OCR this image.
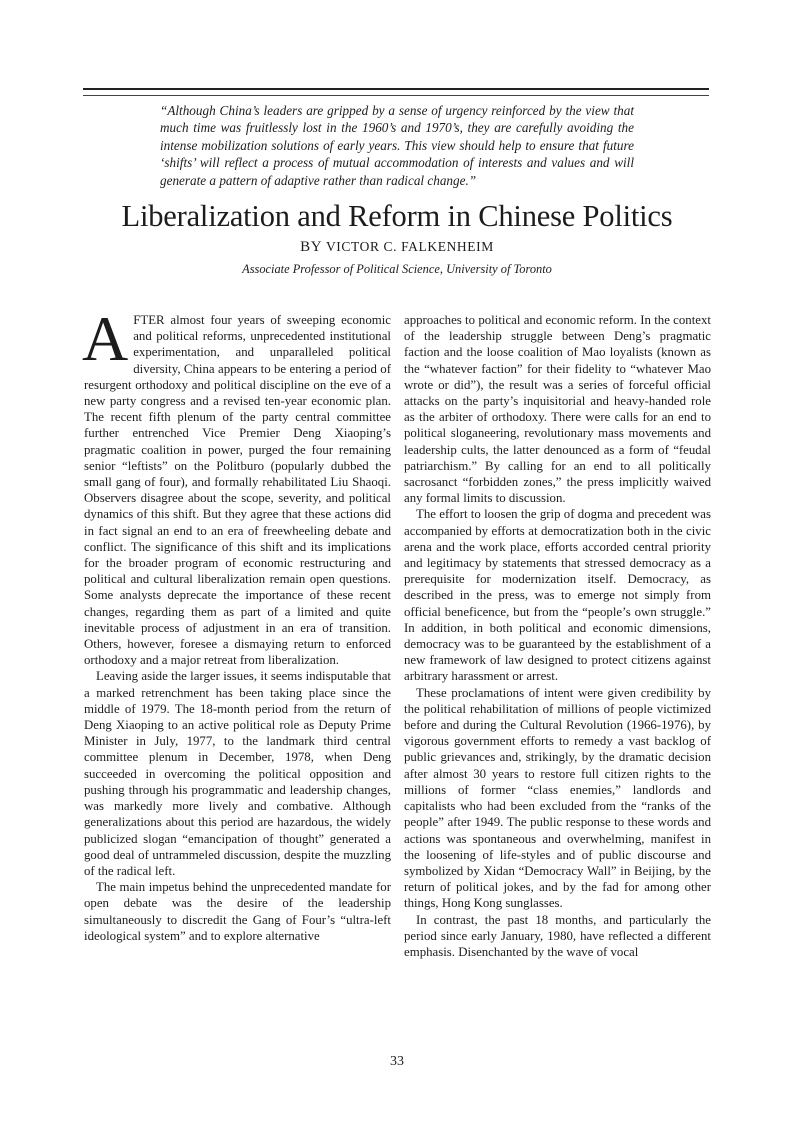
“Although China’s leaders are gripped by a sense of urgency reinforced by the view that much time was fruitlessly lost in the 1960’s and 1970’s, they are carefully avoiding the intense mobilization solutions of early years. This view should help to ensure that future ‘shifts’ will reflect a process of mutual accommodation of interests and values and will generate a pattern of adaptive rather than radical change.”

Liberalization and Reform in Chinese Politics

BY VICTOR C. FALKENHEIM

Associate Professor of Political Science, University of Toronto

AFTER almost four years of sweeping economic and political reforms, unprecedented institutional experimentation, and unparalleled political diversity, China appears to be entering a period of resurgent orthodoxy and political discipline on the eve of a new party congress and a revised ten-year economic plan. The recent fifth plenum of the party central committee further entrenched Vice Premier Deng Xiaoping’s pragmatic coalition in power, purged the four remaining senior “leftists” on the Politburo (popularly dubbed the small gang of four), and formally rehabilitated Liu Shaoqi. Observers disagree about the scope, severity, and political dynamics of this shift. But they agree that these actions did in fact signal an end to an era of freewheeling debate and conflict. The significance of this shift and its implications for the broader program of economic restructuring and political and cultural liberalization remain open questions. Some analysts deprecate the importance of these recent changes, regarding them as part of a limited and quite inevitable process of adjustment in an era of transition. Others, however, foresee a dismaying return to enforced orthodoxy and a major retreat from liberalization.

Leaving aside the larger issues, it seems indisputable that a marked retrenchment has been taking place since the middle of 1979. The 18-month period from the return of Deng Xiaoping to an active political role as Deputy Prime Minister in July, 1977, to the landmark third central committee plenum in December, 1978, when Deng succeeded in overcoming the political opposition and pushing through his programmatic and leadership changes, was markedly more lively and combative. Although generalizations about this period are hazardous, the widely publicized slogan “emancipation of thought” generated a good deal of untrammeled discussion, despite the muzzling of the radical left.

The main impetus behind the unprecedented mandate for open debate was the desire of the leadership simultaneously to discredit the Gang of Four’s “ultra-left ideological system” and to explore alternative

approaches to political and economic reform. In the context of the leadership struggle between Deng’s pragmatic faction and the loose coalition of Mao loyalists (known as the “whatever faction” for their fidelity to “whatever Mao wrote or did”), the result was a series of forceful official attacks on the party’s inquisitorial and heavy-handed role as the arbiter of orthodoxy. There were calls for an end to political sloganeering, revolutionary mass movements and leadership cults, the latter denounced as a form of “feudal patriarchism.” By calling for an end to all politically sacrosanct “forbidden zones,” the press implicitly waived any formal limits to discussion.

The effort to loosen the grip of dogma and precedent was accompanied by efforts at democratization both in the civic arena and the work place, efforts accorded central priority and legitimacy by statements that stressed democracy as a prerequisite for modernization itself. Democracy, as described in the press, was to emerge not simply from official beneficence, but from the “people’s own struggle.” In addition, in both political and economic dimensions, democracy was to be guaranteed by the establishment of a new framework of law designed to protect citizens against arbitrary harassment or arrest.

These proclamations of intent were given credibility by the political rehabilitation of millions of people victimized before and during the Cultural Revolution (1966-1976), by vigorous government efforts to remedy a vast backlog of public grievances and, strikingly, by the dramatic decision after almost 30 years to restore full citizen rights to the millions of former “class enemies,” landlords and capitalists who had been excluded from the “ranks of the people” after 1949. The public response to these words and actions was spontaneous and overwhelming, manifest in the loosening of life-styles and of public discourse and symbolized by Xidan “Democracy Wall” in Beijing, by the return of political jokes, and by the fad for among other things, Hong Kong sunglasses.

In contrast, the past 18 months, and particularly the period since early January, 1980, have reflected a different emphasis. Disenchanted by the wave of vocal

33
